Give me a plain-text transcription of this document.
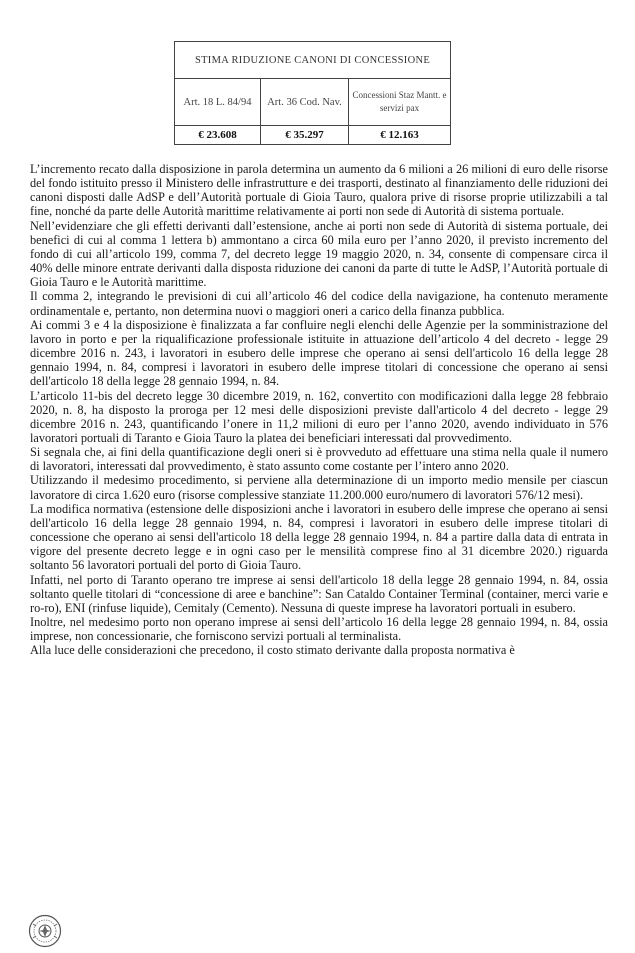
STIMA RIDUZIONE CANONI DI CONCESSIONE		
Art. 18 L. 84/94	Art. 36 Cod. Nav.	Concessioni Staz Mantt. e servizi pax
€ 23.608	€ 35.297	€ 12.163

L’incremento recato dalla disposizione in parola determina un aumento da 6 milioni a 26 milioni di euro delle risorse del fondo istituito presso il Ministero delle infrastrutture e dei trasporti, destinato al finanziamento delle riduzioni dei canoni disposti dalle AdSP e dell’Autorità portuale di Gioia Tauro, qualora prive di risorse proprie utilizzabili a tal fine, nonché da parte delle Autorità marittime relativamente ai porti non sede di Autorità di sistema portuale.

Nell’evidenziare che gli effetti derivanti dall’estensione, anche ai porti non sede di Autorità di sistema portuale, dei benefici di cui al comma 1 lettera b) ammontano a circa 60 mila euro per l’anno 2020, il previsto incremento del fondo di cui all’articolo 199, comma 7, del decreto legge 19 maggio 2020, n. 34, consente di compensare circa il 40% delle minore entrate derivanti dalla disposta riduzione dei canoni da parte di tutte le AdSP, l’Autorità portuale di Gioia Tauro e le Autorità marittime.

Il comma 2, integrando le previsioni di cui all’articolo 46 del codice della navigazione, ha contenuto meramente ordinamentale e, pertanto, non determina nuovi o maggiori oneri a carico della finanza pubblica.

Ai commi 3 e 4 la disposizione è finalizzata a far confluire negli elenchi delle Agenzie per la somministrazione del lavoro in porto e per la riqualificazione professionale istituite in attuazione dell’articolo 4 del decreto - legge 29 dicembre 2016 n. 243, i lavoratori in esubero delle imprese che operano ai sensi dell'articolo 16 della legge 28 gennaio 1994, n. 84, compresi i lavoratori in esubero delle imprese titolari di concessione che operano ai sensi dell'articolo 18 della legge 28 gennaio 1994, n. 84.

L’articolo 11-bis del decreto legge 30 dicembre 2019, n. 162, convertito con modificazioni dalla legge 28 febbraio 2020, n. 8, ha disposto la proroga per 12 mesi delle disposizioni previste dall'articolo 4 del decreto - legge 29 dicembre 2016 n. 243, quantificando l’onere in 11,2 milioni di euro per l’anno 2020, avendo individuato in 576 lavoratori portuali di Taranto e Gioia Tauro la platea dei beneficiari interessati dal provvedimento.

Si segnala che, ai fini della quantificazione degli oneri si è provveduto ad effettuare una stima nella quale il numero di lavoratori, interessati dal provvedimento, è stato assunto come costante per l’intero anno 2020.

Utilizzando il medesimo procedimento, si perviene alla determinazione di un importo medio mensile per ciascun lavoratore di circa 1.620 euro (risorse complessive stanziate 11.200.000 euro/numero di lavoratori 576/12 mesi).

La modifica normativa (estensione delle disposizioni anche i lavoratori in esubero delle imprese che operano ai sensi dell'articolo 16 della legge 28 gennaio 1994, n. 84, compresi i lavoratori in esubero delle imprese titolari di concessione che operano ai sensi dell'articolo 18 della legge 28 gennaio 1994, n. 84 a partire dalla data di entrata in vigore del presente decreto legge e in ogni caso per le mensilità comprese fino al 31 dicembre 2020.) riguarda soltanto 56 lavoratori portuali del porto di Gioia Tauro.

Infatti, nel porto di Taranto operano tre imprese ai sensi dell'articolo 18 della legge 28 gennaio 1994, n. 84, ossia soltanto quelle titolari di “concessione di aree e banchine”: San Cataldo Container Terminal (container, merci varie e ro-ro), ENI (rinfuse liquide), Cemitaly (Cemento). Nessuna di queste imprese ha lavoratori portuali in esubero.

Inoltre, nel medesimo porto non operano imprese ai sensi dell’articolo 16 della legge 28 gennaio 1994, n. 84, ossia imprese, non concessionarie, che forniscono servizi portuali al terminalista.

Alla luce delle considerazioni che precedono, il costo stimato derivante dalla proposta normativa è
